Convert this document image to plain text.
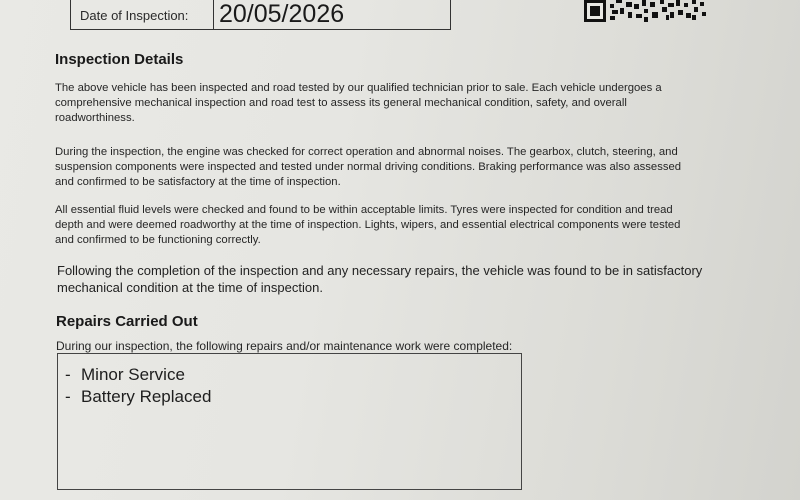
Date of Inspection:	20/05/2026
Inspection Details
The above vehicle has been inspected and road tested by our qualified technician prior to sale. Each vehicle undergoes a
comprehensive mechanical inspection and road test to assess its general mechanical condition, safety, and overall
roadworthiness.
During the inspection, the engine was checked for correct operation and abnormal noises. The gearbox, clutch, steering, and
suspension components were inspected and tested under normal driving conditions. Braking performance was also assessed
and confirmed to be satisfactory at the time of inspection.
All essential fluid levels were checked and found to be within acceptable limits. Tyres were inspected for condition and tread
depth and were deemed roadworthy at the time of inspection. Lights, wipers, and essential electrical components were tested
and confirmed to be functioning correctly.
Following the completion of the inspection and any necessary repairs, the vehicle was found to be in satisfactory
mechanical condition at the time of inspection.
Repairs Carried Out
During our inspection, the following repairs and/or maintenance work were completed:
- Minor Service
- Battery Replaced
